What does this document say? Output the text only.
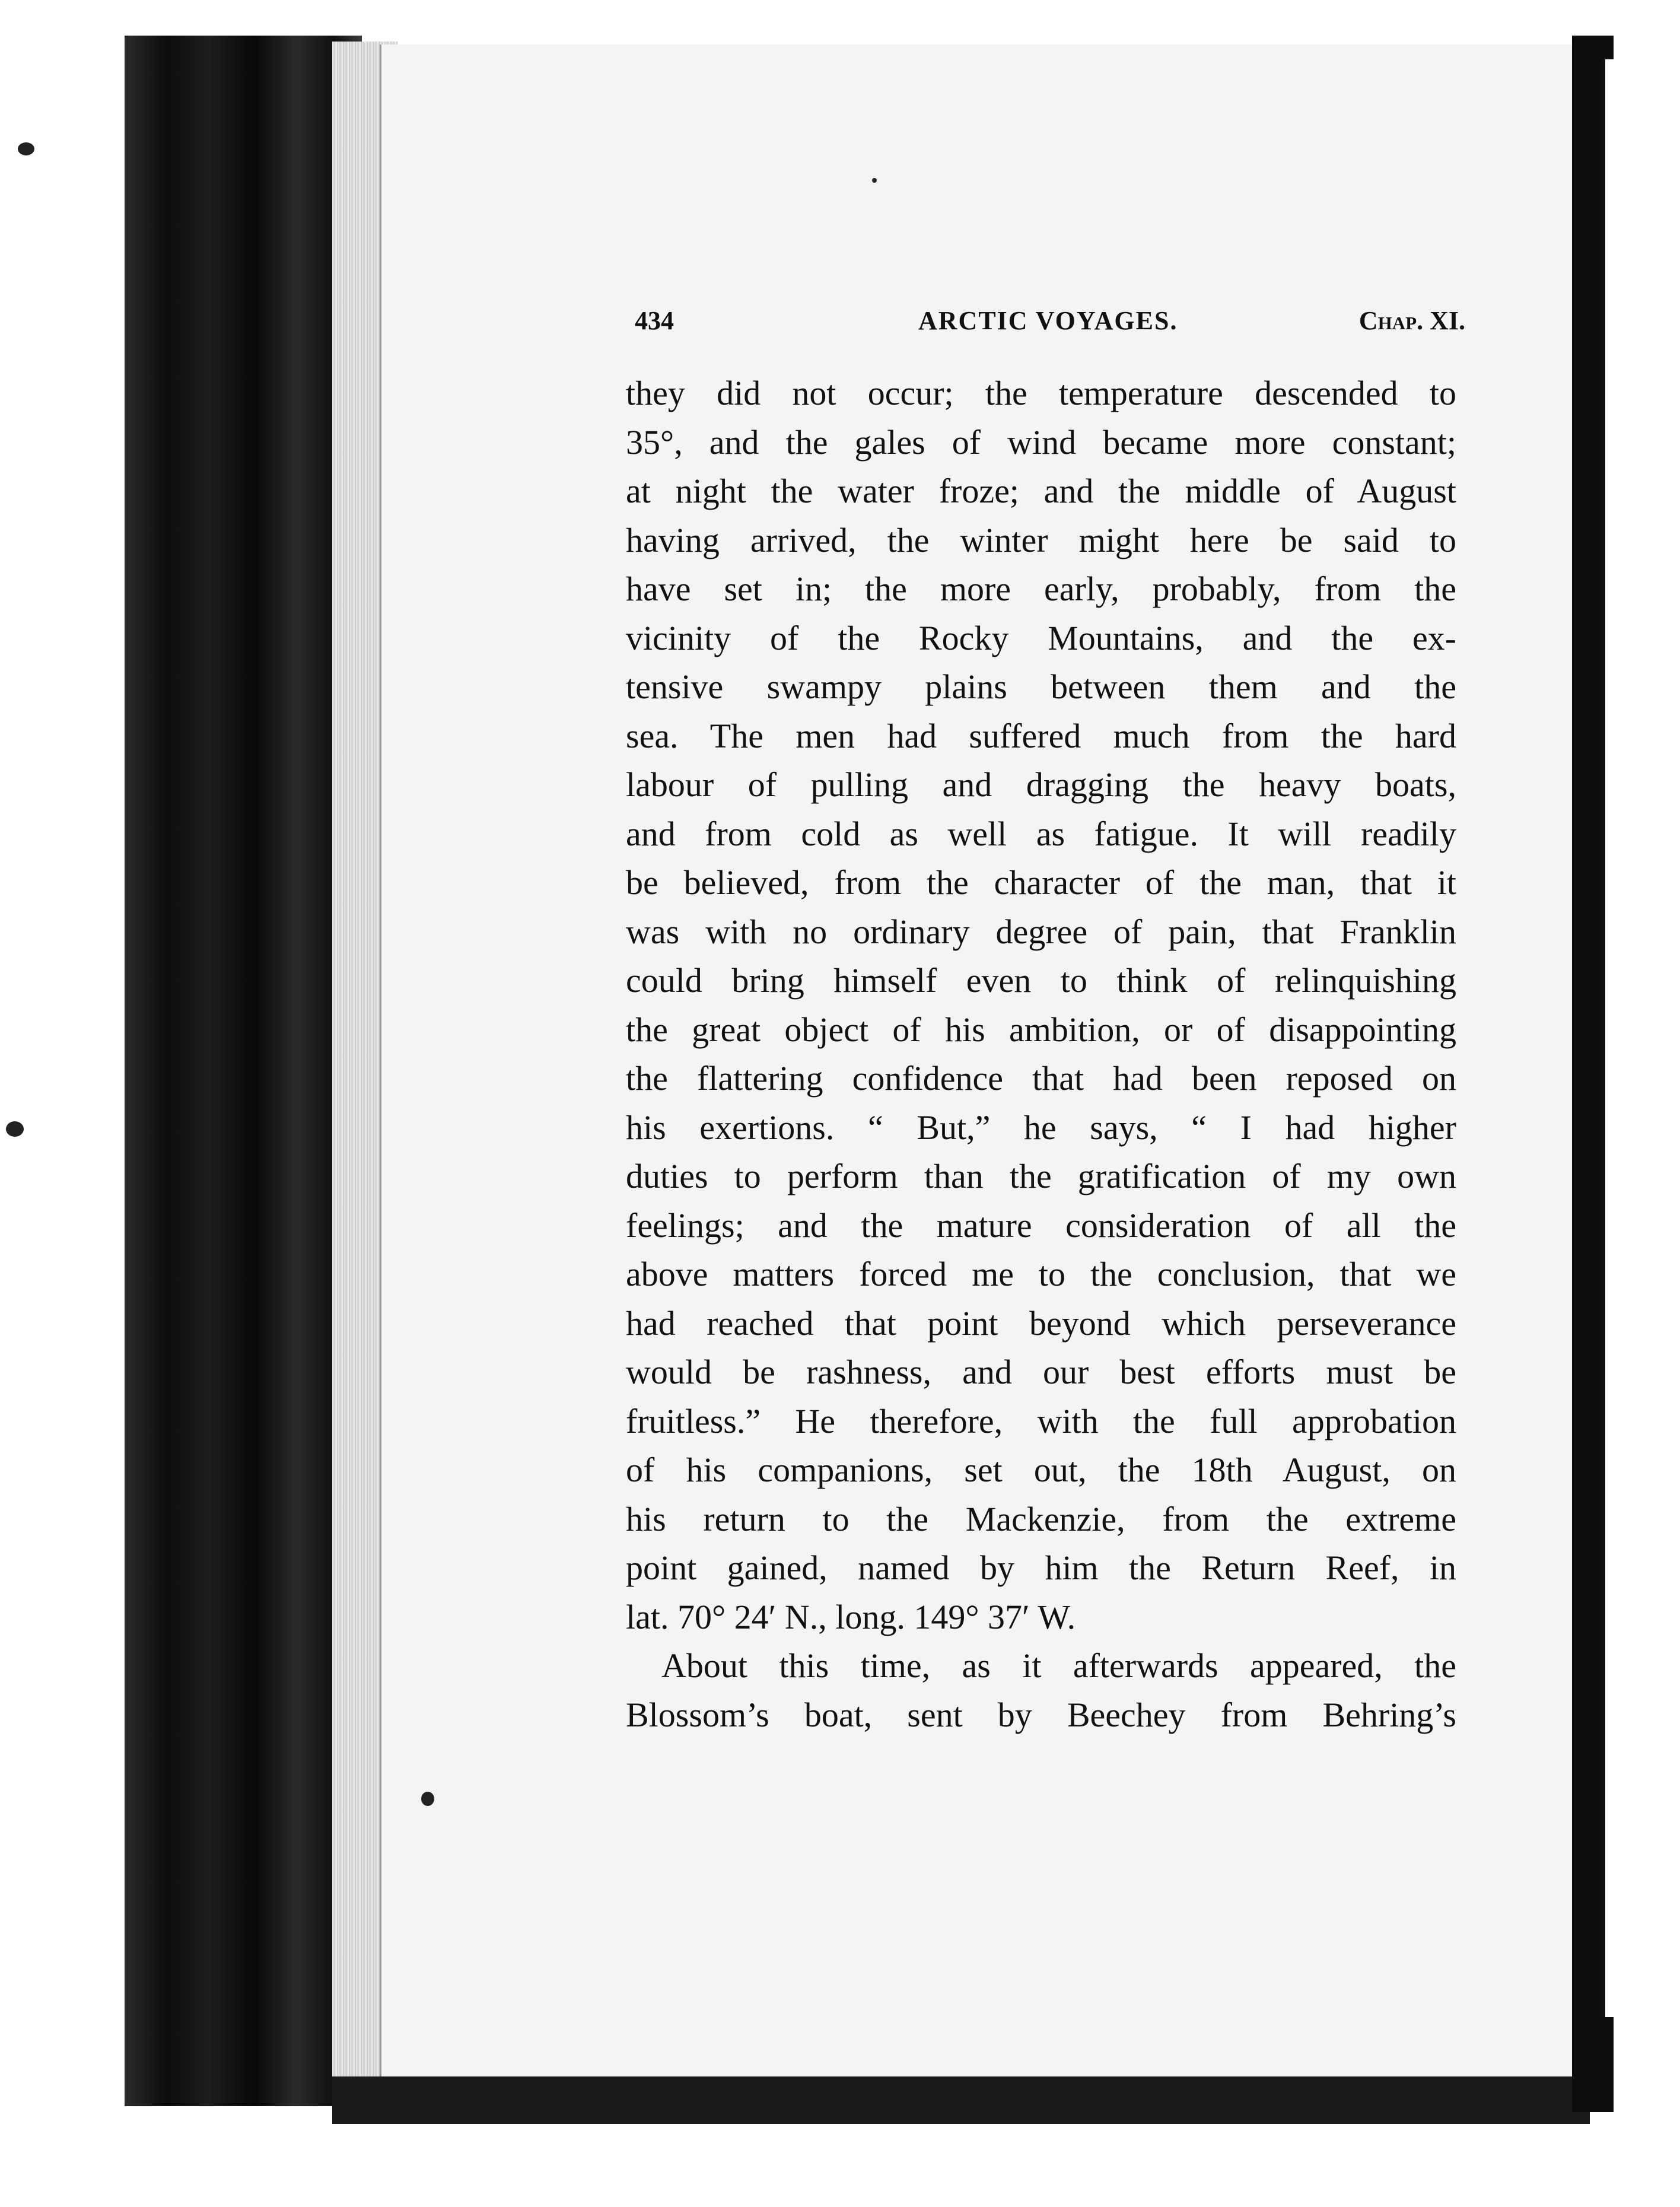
434	ARCTIC VOYAGES.	Chap. XI.
they did not occur; the temperature descended to
35°, and the gales of wind became more constant;
at night the water froze; and the middle of August
having arrived, the winter might here be said to
have set in; the more early, probably, from the
vicinity of the Rocky Mountains, and the ex-
tensive swampy plains between them and the
sea. The men had suffered much from the hard
labour of pulling and dragging the heavy boats,
and from cold as well as fatigue. It will readily
be believed, from the character of the man, that it
was with no ordinary degree of pain, that Franklin
could bring himself even to think of relinquishing
the great object of his ambition, or of disappointing
the flattering confidence that had been reposed on
his exertions. “ But,” he says, “ I had higher
duties to perform than the gratification of my own
feelings; and the mature consideration of all the
above matters forced me to the conclusion, that we
had reached that point beyond which perseverance
would be rashness, and our best efforts must be
fruitless.” He therefore, with the full approbation
of his companions, set out, the 18th August, on
his return to the Mackenzie, from the extreme
point gained, named by him the Return Reef, in
lat. 70° 24′ N., long. 149° 37′ W.
About this time, as it afterwards appeared, the
Blossom’s boat, sent by Beechey from Behring’s
